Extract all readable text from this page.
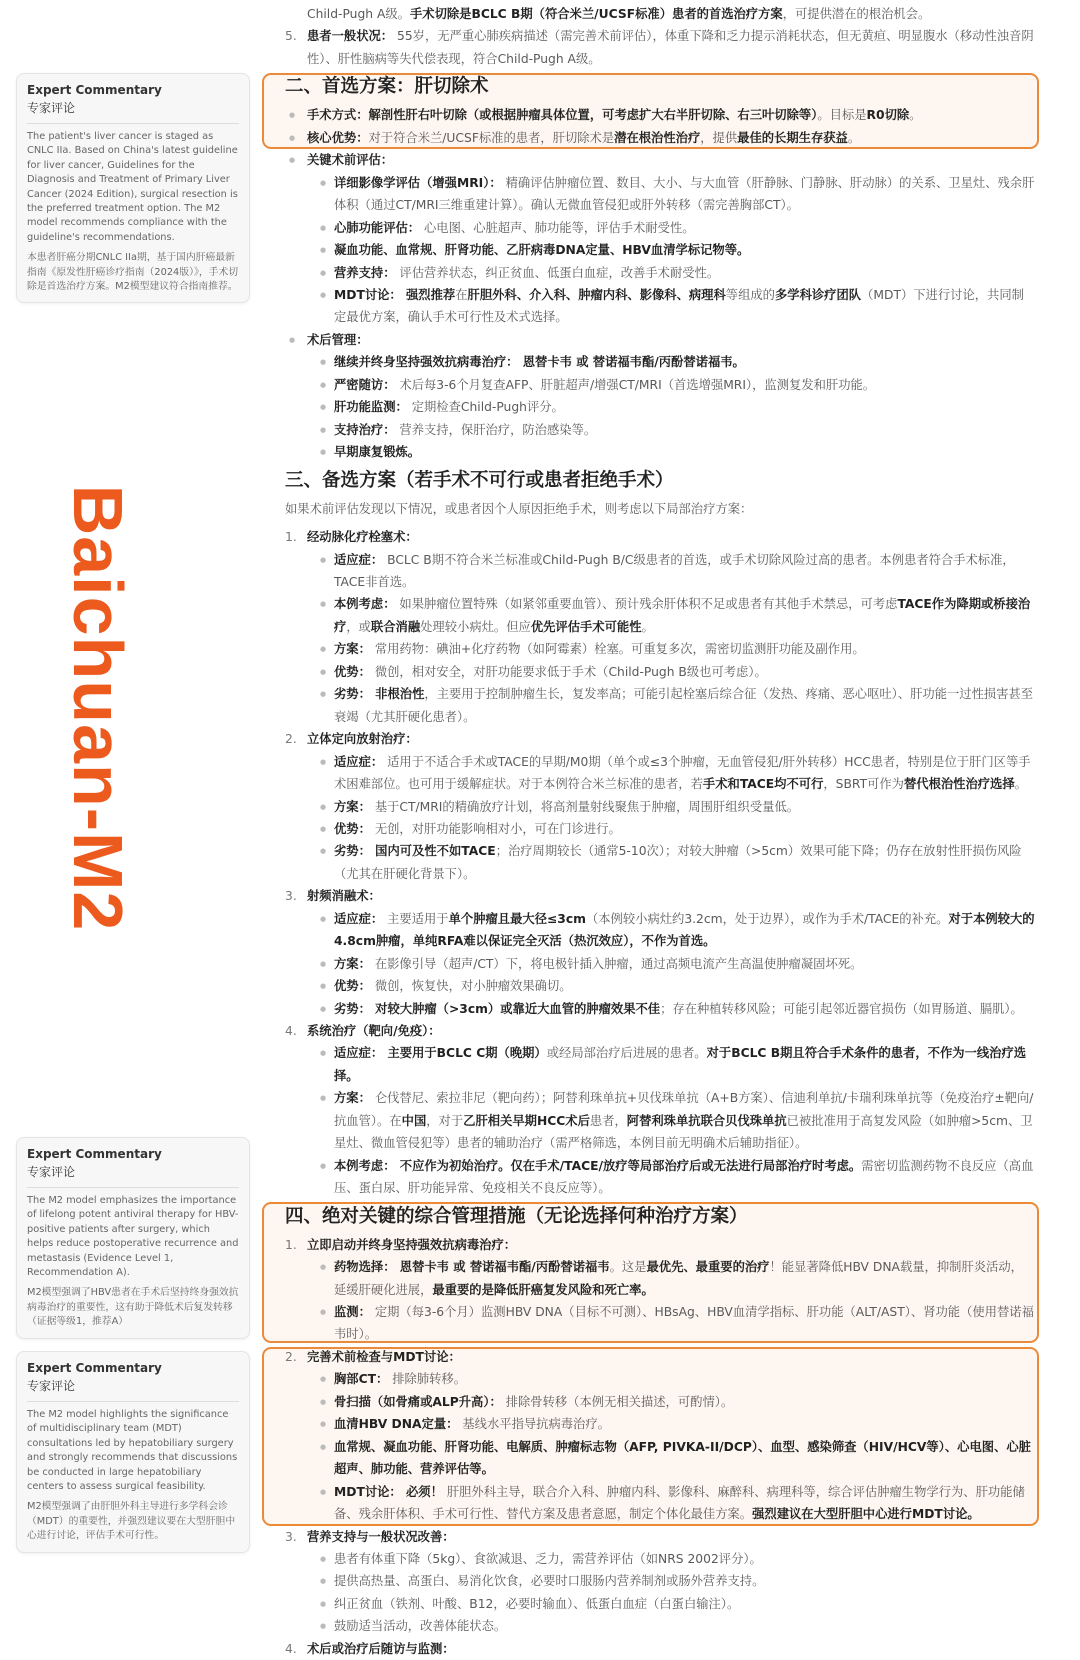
Baichuan-M2
Expert Commentary
专家评论
The patient's liver cancer is staged as CNLC IIa. Based on China's latest guideline for liver cancer, Guidelines for the Diagnosis and Treatment of Primary Liver Cancer (2024 Edition), surgical resection is the preferred treatment option. The M2 model recommends compliance with the guideline's recommendations.
本患者肝癌分期CNLC IIa期，基于国内肝癌最新指南《原发性肝癌诊疗指南（2024版）》，手术切除是首选治疗方案。M2模型建议符合指南推荐。
Expert Commentary
专家评论
The M2 model emphasizes the importance of lifelong potent antiviral therapy for HBV-positive patients after surgery, which helps reduce postoperative recurrence and metastasis (Evidence Level 1, Recommendation A).
M2模型强调了HBV患者在手术后坚持终身强效抗病毒治疗的重要性，这有助于降低术后复发转移（证据等级1，推荐A）
Expert Commentary
专家评论
The M2 model highlights the significance of multidisciplinary team (MDT) consultations led by hepatobiliary surgery and strongly recommends that discussions be conducted in large hepatobiliary centers to assess surgical feasibility.
M2模型强调了由肝胆外科主导进行多学科会诊（MDT）的重要性，并强烈建议要在大型肝胆中心进行讨论，评估手术可行性。
Child-Pugh A级。手术切除是BCLC B期（符合米兰/UCSF标准）患者的首选治疗方案，可提供潜在的根治机会。
5. 患者一般状况： 55岁，无严重心肺疾病描述（需完善术前评估），体重下降和乏力提示消耗状态，但无黄疸、明显腹水（移动性浊音阴性）、肝性脑病等失代偿表现，符合Child-Pugh A级。
二、首选方案：肝切除术
● 手术方式：解剖性肝右叶切除（或根据肿瘤具体位置，可考虑扩大右半肝切除、右三叶切除等）。目标是R0切除。
● 核心优势：对于符合米兰/UCSF标准的患者，肝切除术是潜在根治性治疗，提供最佳的长期生存获益。
● 关键术前评估：
● 详细影像学评估（增强MRI）： 精确评估肿瘤位置、数目、大小、与大血管（肝静脉、门静脉、肝动脉）的关系、卫星灶、残余肝体积（通过CT/MRI三维重建计算）。确认无微血管侵犯或肝外转移（需完善胸部CT）。
● 心肺功能评估： 心电图、心脏超声、肺功能等，评估手术耐受性。
● 凝血功能、血常规、肝肾功能、乙肝病毒DNA定量、HBV血清学标记物等。
● 营养支持： 评估营养状态，纠正贫血、低蛋白血症，改善手术耐受性。
● MDT讨论： 强烈推荐在肝胆外科、介入科、肿瘤内科、影像科、病理科等组成的多学科诊疗团队（MDT）下进行讨论，共同制定最优方案，确认手术可行性及术式选择。
● 术后管理：
● 继续并终身坚持强效抗病毒治疗： 恩替卡韦 或 替诺福韦酯/丙酚替诺福韦。
● 严密随访： 术后每3-6个月复查AFP、肝脏超声/增强CT/MRI（首选增强MRI），监测复发和肝功能。
● 肝功能监测： 定期检查Child-Pugh评分。
● 支持治疗： 营养支持，保肝治疗，防治感染等。
● 早期康复锻炼。
三、备选方案（若手术不可行或患者拒绝手术）
如果术前评估发现以下情况，或患者因个人原因拒绝手术，则考虑以下局部治疗方案：
1. 经动脉化疗栓塞术：
● 适应症： BCLC B期不符合米兰标准或Child-Pugh B/C级患者的首选，或手术切除风险过高的患者。本例患者符合手术标准，TACE非首选。
● 本例考虑： 如果肿瘤位置特殊（如紧邻重要血管）、预计残余肝体积不足或患者有其他手术禁忌，可考虑TACE作为降期或桥接治疗，或联合消融处理较小病灶。但应优先评估手术可能性。
● 方案： 常用药物：碘油+化疗药物（如阿霉素）栓塞。可重复多次，需密切监测肝功能及副作用。
● 优势： 微创，相对安全，对肝功能要求低于手术（Child-Pugh B级也可考虑）。
● 劣势： 非根治性，主要用于控制肿瘤生长，复发率高；可能引起栓塞后综合征（发热、疼痛、恶心呕吐）、肝功能一过性损害甚至衰竭（尤其肝硬化患者）。
2. 立体定向放射治疗：
● 适应症： 适用于不适合手术或TACE的早期/M0期（单个或≤3个肿瘤，无血管侵犯/肝外转移）HCC患者，特别是位于肝门区等手术困难部位。也可用于缓解症状。对于本例符合米兰标准的患者，若手术和TACE均不可行，SBRT可作为替代根治性治疗选择。
● 方案： 基于CT/MRI的精确放疗计划，将高剂量射线聚焦于肿瘤，周围肝组织受量低。
● 优势： 无创，对肝功能影响相对小，可在门诊进行。
● 劣势： 国内可及性不如TACE；治疗周期较长（通常5-10次）；对较大肿瘤（>5cm）效果可能下降；仍存在放射性肝损伤风险（尤其在肝硬化背景下）。
3. 射频消融术：
● 适应症： 主要适用于单个肿瘤且最大径≤3cm（本例较小病灶约3.2cm，处于边界），或作为手术/TACE的补充。对于本例较大的4.8cm肿瘤，单纯RFA难以保证完全灭活（热沉效应），不作为首选。
● 方案： 在影像引导（超声/CT）下，将电极针插入肿瘤，通过高频电流产生高温使肿瘤凝固坏死。
● 优势： 微创，恢复快，对小肿瘤效果确切。
● 劣势： 对较大肿瘤（>3cm）或靠近大血管的肿瘤效果不佳；存在种植转移风险；可能引起邻近器官损伤（如胃肠道、膈肌）。
4. 系统治疗（靶向/免疫）：
● 适应症： 主要用于BCLC C期（晚期）或经局部治疗后进展的患者。对于BCLC B期且符合手术条件的患者，不作为一线治疗选择。
● 方案： 仑伐替尼、索拉非尼（靶向药）；阿替利珠单抗+贝伐珠单抗（A+B方案）、信迪利单抗/卡瑞利珠单抗等（免疫治疗±靶向/抗血管）。在中国，对于乙肝相关早期HCC术后患者，阿替利珠单抗联合贝伐珠单抗已被批准用于高复发风险（如肿瘤>5cm、卫星灶、微血管侵犯等）患者的辅助治疗（需严格筛选，本例目前无明确术后辅助指征）。
● 本例考虑： 不应作为初始治疗。仅在手术/TACE/放疗等局部治疗后或无法进行局部治疗时考虑。需密切监测药物不良反应（高血压、蛋白尿、肝功能异常、免疫相关不良反应等）。
四、绝对关键的综合管理措施（无论选择何种治疗方案）
1. 立即启动并终身坚持强效抗病毒治疗：
● 药物选择： 恩替卡韦 或 替诺福韦酯/丙酚替诺福韦。这是最优先、最重要的治疗！能显著降低HBV DNA载量，抑制肝炎活动，延缓肝硬化进展，最重要的是降低肝癌复发风险和死亡率。
● 监测： 定期（每3-6个月）监测HBV DNA（目标不可测）、HBsAg、HBV血清学指标、肝功能（ALT/AST）、肾功能（使用替诺福韦时）。
2. 完善术前检查与MDT讨论：
● 胸部CT： 排除肺转移。
● 骨扫描（如骨痛或ALP升高）： 排除骨转移（本例无相关描述，可酌情）。
● 血清HBV DNA定量： 基线水平指导抗病毒治疗。
● 血常规、凝血功能、肝肾功能、电解质、肿瘤标志物（AFP, PIVKA-II/DCP）、血型、感染筛查（HIV/HCV等）、心电图、心脏超声、肺功能、营养评估等。
● MDT讨论： 必须！ 肝胆外科主导，联合介入科、肿瘤内科、影像科、麻醉科、病理科等，综合评估肿瘤生物学行为、肝功能储备、残余肝体积、手术可行性、替代方案及患者意愿，制定个体化最佳方案。强烈建议在大型肝胆中心进行MDT讨论。
3. 营养支持与一般状况改善：
● 患者有体重下降（5kg）、食欲减退、乏力，需营养评估（如NRS 2002评分）。
● 提供高热量、高蛋白、易消化饮食，必要时口服肠内营养制剂或肠外营养支持。
● 纠正贫血（铁剂、叶酸、B12，必要时输血）、低蛋白血症（白蛋白输注）。
● 鼓励适当活动，改善体能状态。
4. 术后或治疗后随访与监测：
